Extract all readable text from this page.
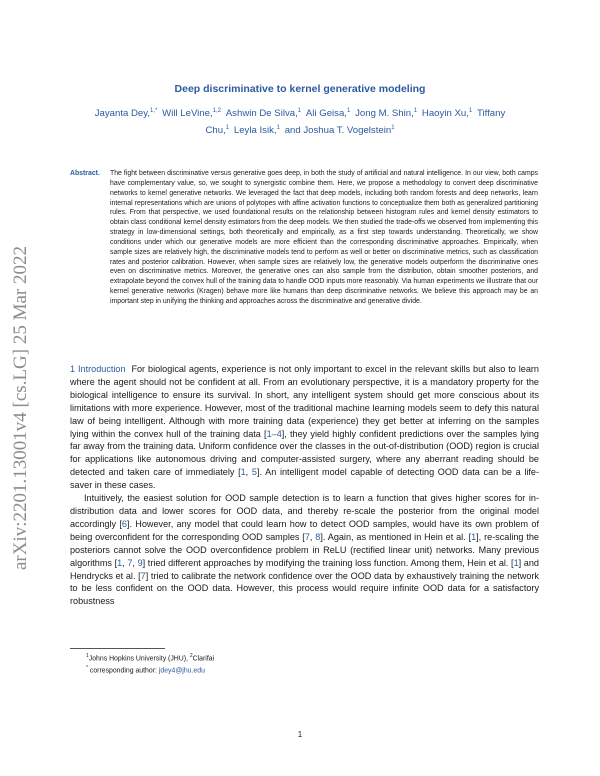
arXiv:2201.13001v4 [cs.LG] 25 Mar 2022
Deep discriminative to kernel generative modeling
Jayanta Dey,$^{1,*}$  Will LeVine,$^{1,2}$  Ashwin De Silva,$^1$  Ali Geisa,$^1$  Jong M. Shin,$^1$  Haoyin Xu,$^1$  Tiffany
Chu,$^1$  Leyla Isik,$^1$  and Joshua T. Vogelstein$^1$
Abstract. The fight between discriminative versus generative goes deep, in both the study of artificial and natural intelligence. In our view, both camps have complementary value, so, we sought to synergistic combine them. Here, we propose a methodology to convert deep discriminative networks to kernel generative networks. We leveraged the fact that deep models, including both random forests and deep networks, learn internal representations which are unions of polytopes with affine activation functions to conceptualize them both as generalized partitioning rules. From that perspective, we used foundational results on the relationship between histogram rules and kernel density estimators to obtain class conditional kernel density estimators from the deep models. We then studied the trade-offs we observed from implementing this strategy in low-dimensional settings, both theoretically and empirically, as a first step towards understanding. Theoretically, we show conditions under which our generative models are more efficient than the corresponding discriminative approaches. Empirically, when sample sizes are relatively high, the discriminative models tend to perform as well or better on discriminative metrics, such as classification rates and posterior calibration. However, when sample sizes are relatively low, the generative models outperform the discriminative ones even on discriminative metrics. Moreover, the generative ones can also sample from the distribution, obtain smoother posteriors, and extrapolate beyond the convex hull of the training data to handle OOD inputs more reasonably. Via human experiments we illustrate that our kernel generative networks (Kragen) behave more like humans than deep discriminative networks. We believe this approach may be an important step in unifying the thinking and approaches across the discriminative and generative divide.

1 Introduction For biological agents, experience is not only important to excel in the relevant skills but also to learn where the agent should not be confident at all. From an evolutionary perspective, it is a mandatory property for the biological intelligence to ensure its survival. In short, any intelligent system should get more conscious about its limitations with more experience. However, most of the traditional machine learning models seem to defy this natural law of being intelligent. Although with more training data (experience) they get better at inferring on the samples lying within the convex hull of the training data [1–4], they yield highly confident predictions over the samples lying far away from the training data. Uniform confidence over the classes in the out-of-distribution (OOD) region is crucial for applications like autonomous driving and computer-assisted surgery, where any aberrant reading should be detected and taken care of immediately [1, 5]. An intelligent model capable of detecting OOD data can be a life-saver in these cases.

Intuitively, the easiest solution for OOD sample detection is to learn a function that gives higher scores for in-distribution data and lower scores for OOD data, and thereby re-scale the posterior from the original model accordingly [6]. However, any model that could learn how to detect OOD samples, would have its own problem of being overconfident for the corresponding OOD samples [7, 8]. Again, as mentioned in Hein et al. [1], re-scaling the posteriors cannot solve the OOD overconfidence problem in ReLU (rectified linear unit) networks. Many previous algorithms [1, 7, 9] tried different approaches by modifying the training loss function. Among them, Hein et al. [1] and Hendrycks et al. [7] tried to calibrate the network confidence over the OOD data by exhaustively training the network to be less confident on the OOD data. However, this process would require infinite OOD data for a satisfactory robustness

$^1$Johns Hopkins University (JHU), $^2$Clarifai
* corresponding author: jdey4@jhu.edu
1
